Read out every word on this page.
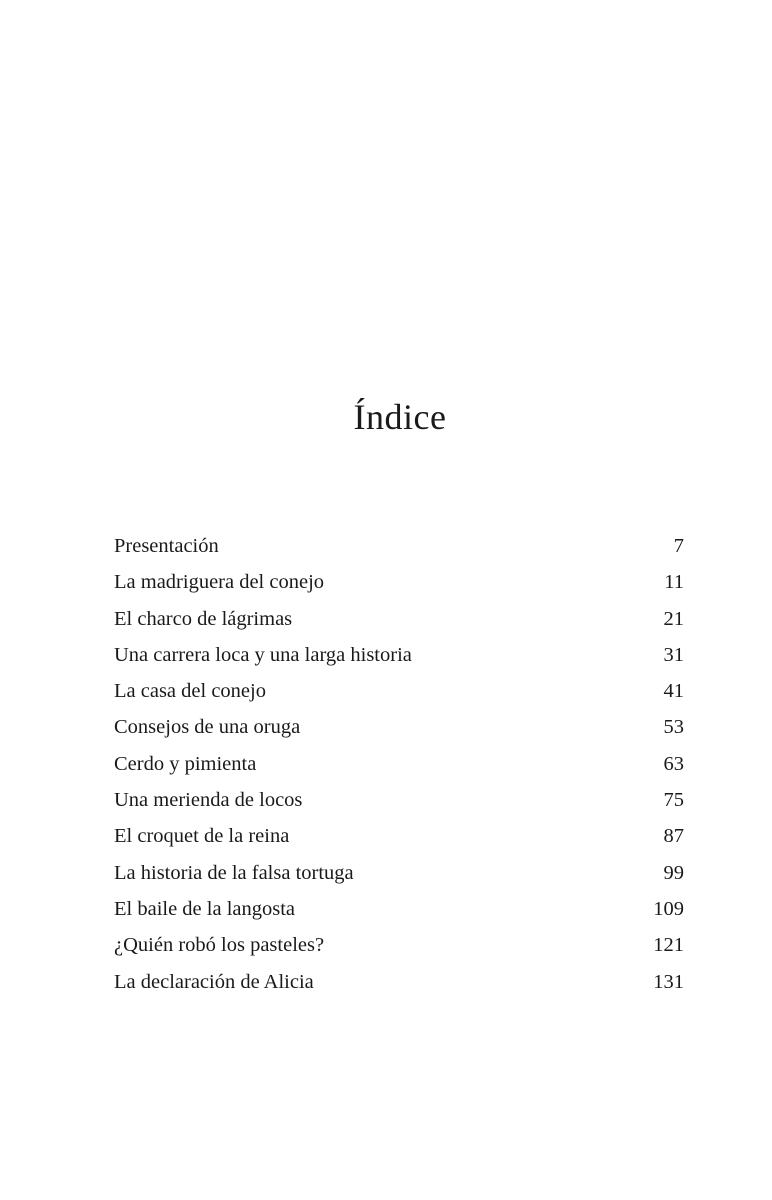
Índice
Presentación	7
La madriguera del conejo	11
El charco de lágrimas	21
Una carrera loca y una larga historia	31
La casa del conejo	41
Consejos de una oruga	53
Cerdo y pimienta	63
Una merienda de locos	75
El croquet de la reina	87
La historia de la falsa tortuga	99
El baile de la langosta	109
¿Quién robó los pasteles?	121
La declaración de Alicia	131
